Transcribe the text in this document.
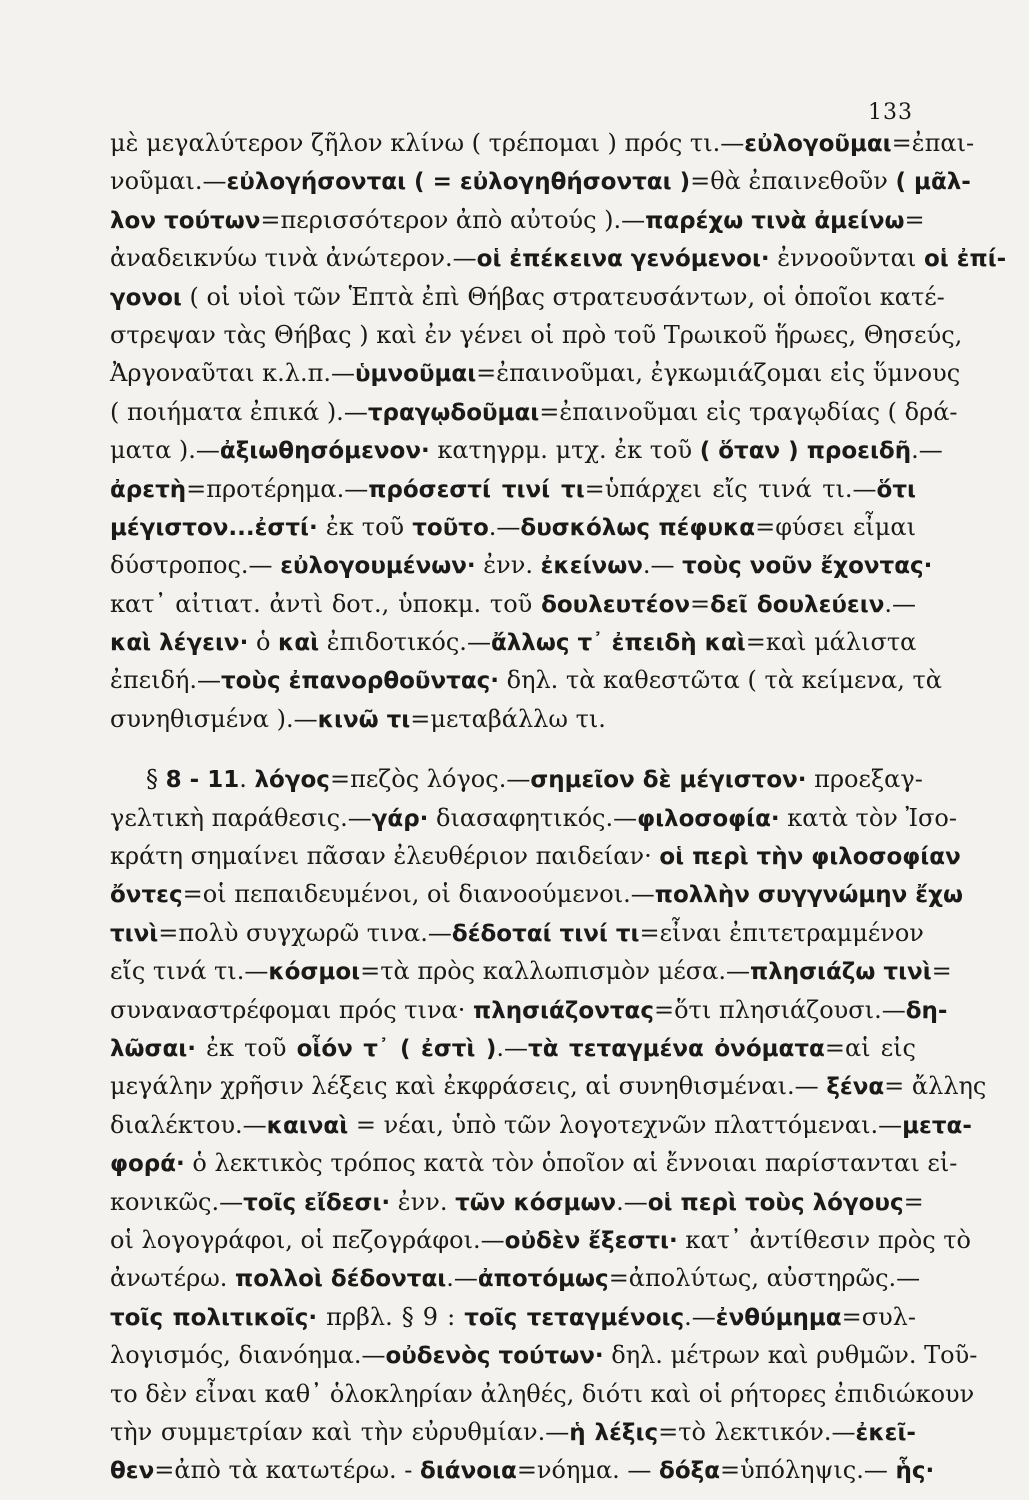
133
μὲ μεγαλύτερον ζῆλον κλίνω ( τρέπομαι ) πρός τι.—εὐλογοῦμαι=ἐπαι-
νοῦμαι.—εὐλογήσονται ( = εὐλογηθήσονται )=θὰ ἐπαινεθοῦν ( μᾶλ-
λον τούτων=περισσότερον ἀπὸ αὐτούς ).—παρέχω τινὰ ἀμείνω=
ἀναδεικνύω τινὰ ἀνώτερον.—οἱ ἐπέκεινα γενόμενοι· ἐννοοῦνται οἱ ἐπί-
γονοι ( οἱ υἱοὶ τῶν Ἑπτὰ ἐπὶ Θήβας στρατευσάντων, οἱ ὁποῖοι κατέ-
στρεψαν τὰς Θήβας ) καὶ ἐν γένει οἱ πρὸ τοῦ Τρωικοῦ ἥρωες, Θησεύς,
Ἀργοναῦται κ.λ.π.—ὑμνοῦμαι=ἐπαινοῦμαι, ἐγκωμιάζομαι εἰς ὕμνους
( ποιήματα ἐπικά ).—τραγῳδοῦμαι=ἐπαινοῦμαι εἰς τραγῳδίας ( δρά-
ματα ).—ἀξιωθησόμενον· κατηγρμ. μτχ. ἐκ τοῦ ( ὅταν ) προειδῆ.—
ἀρετὴ=προτέρημα.—πρόσεστί τινί τι=ὑπάρχει εἴς τινά τι.—ὅτι
μέγιστον...ἐστί· ἐκ τοῦ τοῦτο.—δυσκόλως πέφυκα=φύσει εἶμαι
δύστροπος.— εὐλογουμένων· ἐνν. ἐκείνων.— τοὺς νοῦν ἔχοντας·
κατ᾽ αἰτιατ. ἀντὶ δοτ., ὑποκμ. τοῦ δουλευτέον=δεῖ δουλεύειν.—
καὶ λέγειν· ὁ καὶ ἐπιδοτικός.—ἄλλως τ᾽ ἐπειδὴ καὶ=καὶ μάλιστα
ἐπειδή.—τοὺς ἐπανορθοῦντας· δηλ. τὰ καθεστῶτα ( τὰ κείμενα, τὰ
συνηθισμένα ).—κινῶ τι=μεταβάλλω τι.
§ 8 - 11. λόγος=πεζὸς λόγος.—σημεῖον δὲ μέγιστον· προεξαγ-
γελτικὴ παράθεσις.—γάρ· διασαφητικός.—φιλοσοφία· κατὰ τὸν Ἰσο-
κράτη σημαίνει πᾶσαν ἐλευθέριον παιδείαν· οἱ περὶ τὴν φιλοσοφίαν
ὄντες=οἱ πεπαιδευμένοι, οἱ διανοούμενοι.—πολλὴν συγγνώμην ἔχω
τινὶ=πολὺ συγχωρῶ τινα.—δέδοταί τινί τι=εἶναι ἐπιτετραμμένον
εἴς τινά τι.—κόσμοι=τὰ πρὸς καλλωπισμὸν μέσα.—πλησιάζω τινὶ=
συναναστρέφομαι πρός τινα· πλησιάζοντας=ὅτι πλησιάζουσι.—δη-
λῶσαι· ἐκ τοῦ οἷόν τ᾽ ( ἐστὶ ).—τὰ τεταγμένα ὀνόματα=αἱ εἰς
μεγάλην χρῆσιν λέξεις καὶ ἐκφράσεις, αἱ συνηθισμέναι.— ξένα= ἄλλης
διαλέκτου.—καιναὶ = νέαι, ὑπὸ τῶν λογοτεχνῶν πλαττόμεναι.—μετα-
φορά· ὁ λεκτικὸς τρόπος κατὰ τὸν ὁποῖον αἱ ἔννοιαι παρίστανται εἰ-
κονικῶς.—τοῖς εἴδεσι· ἐνν. τῶν κόσμων.—οἱ περὶ τοὺς λόγους=
οἱ λογογράφοι, οἱ πεζογράφοι.—οὐδὲν ἔξεστι· κατ᾽ ἀντίθεσιν πρὸς τὸ
ἀνωτέρω. πολλοὶ δέδονται.—ἀποτόμως=ἀπολύτως, αὐστηρῶς.—
τοῖς πολιτικοῖς· πρβλ. § 9 : τοῖς τεταγμένοις.—ἐνθύμημα=συλ-
λογισμός, διανόημα.—οὐδενὸς τούτων· δηλ. μέτρων καὶ ρυθμῶν. Τοῦ-
το δὲν εἶναι καθ᾽ ὁλοκληρίαν ἀληθές, διότι καὶ οἱ ρήτορες ἐπιδιώκουν
τὴν συμμετρίαν καὶ τὴν εὐρυθμίαν.—ἡ λέξις=τὸ λεκτικόν.—ἐκεῖ-
θεν=ἀπὸ τὰ κατωτέρω. - διάνοια=νόημα. — δόξα=ὑπόληψις.— ἧς·
